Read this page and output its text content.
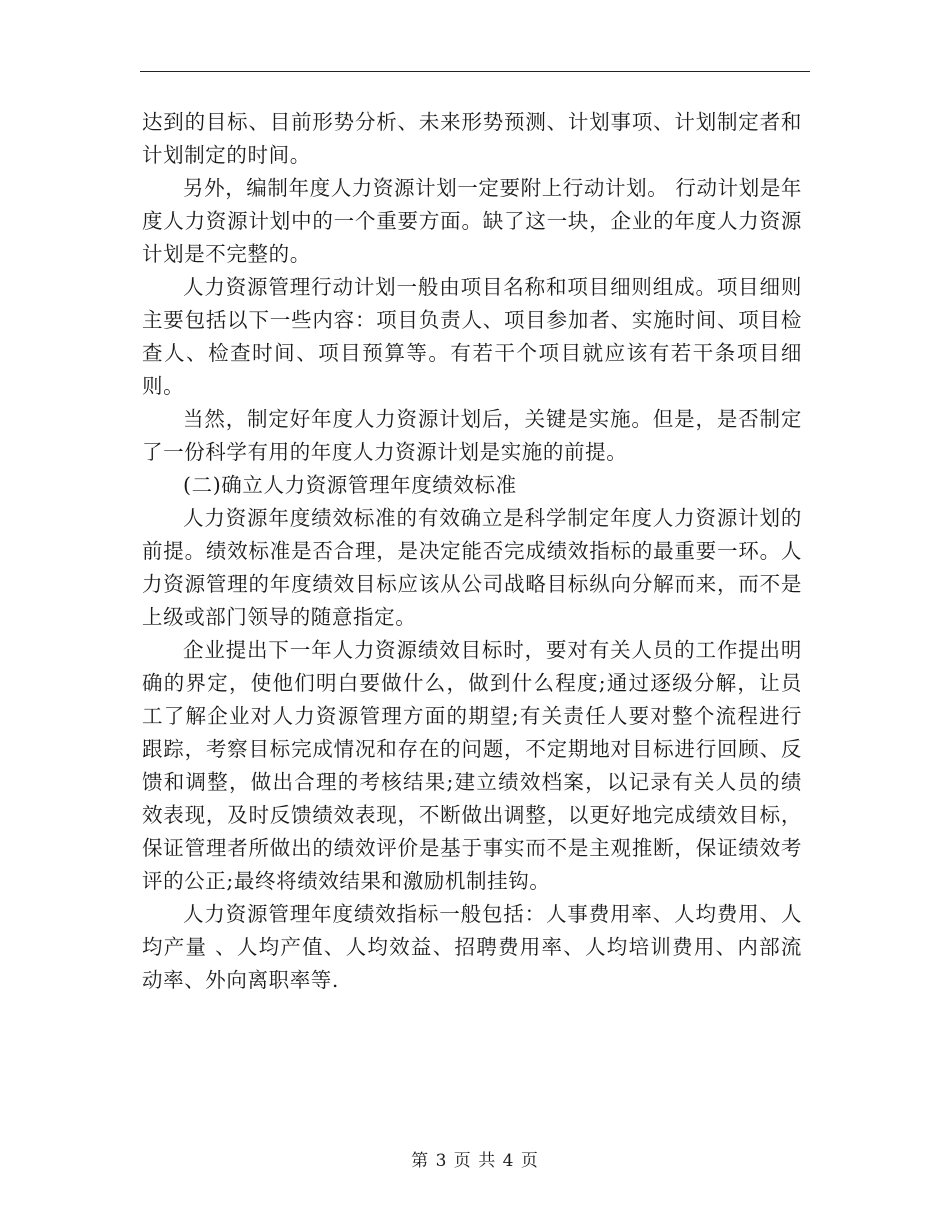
达到的目标、目前形势分析、未来形势预测、计划事项、计划制定者和计划制定的时间。

另外，编制年度人力资源计划一定要附上行动计划。 行动计划是年度人力资源计划中的一个重要方面。缺了这一块，企业的年度人力资源计划是不完整的。

人力资源管理行动计划一般由项目名称和项目细则组成。项目细则主要包括以下一些内容：项目负责人、项目参加者、实施时间、项目检查人、检查时间、项目预算等。有若干个项目就应该有若干条项目细则。

当然，制定好年度人力资源计划后，关键是实施。但是，是否制定了一份科学有用的年度人力资源计划是实施的前提。

(二)确立人力资源管理年度绩效标准

人力资源年度绩效标准的有效确立是科学制定年度人力资源计划的前提。绩效标准是否合理，是决定能否完成绩效指标的最重要一环。人力资源管理的年度绩效目标应该从公司战略目标纵向分解而来，而不是上级或部门领导的随意指定。

企业提出下一年人力资源绩效目标时，要对有关人员的工作提出明确的界定，使他们明白要做什么，做到什么程度;通过逐级分解，让员工了解企业对人力资源管理方面的期望;有关责任人要对整个流程进行跟踪，考察目标完成情况和存在的问题，不定期地对目标进行回顾、反馈和调整，做出合理的考核结果;建立绩效档案，以记录有关人员的绩效表现，及时反馈绩效表现，不断做出调整，以更好地完成绩效目标，保证管理者所做出的绩效评价是基于事实而不是主观推断，保证绩效考评的公正;最终将绩效结果和激励机制挂钩。

人力资源管理年度绩效指标一般包括：人事费用率、人均费用、人均产量 、人均产值、人均效益、招聘费用率、人均培训费用、内部流动率、外向离职率等.

第 3 页 共 4 页
